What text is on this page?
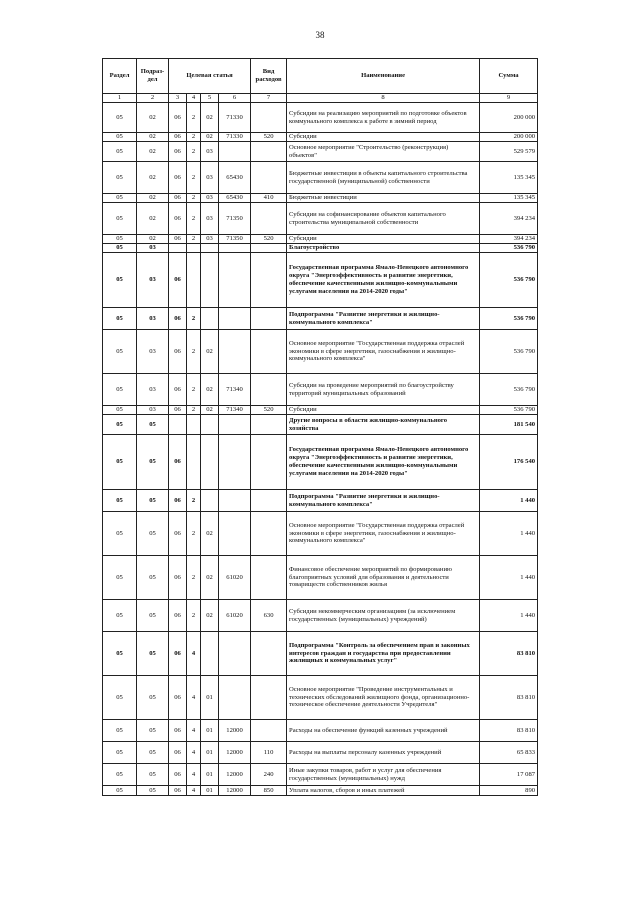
38
Раздел	Подраз-дел	Целевая статья				Вид расходов	Наименование	Сумма
1	2	3	4	5	6	7	8	9
05	02	06	2	02	71330		Субсидии на реализацию мероприятий по подготовке объектов коммунального комплекса к работе в зимний период	200 000
05	02	06	2	02	71330	520	Субсидии	200 000
05	02	06	2	03			Основное мероприятие "Строительство (реконструкция) объектов"	529 579
05	02	06	2	03	65430		Бюджетные инвестиции в объекты капитального строительства государственной (муниципальной) собственности	135 345
05	02	06	2	03	65430	410	Бюджетные инвестиции	135 345
05	02	06	2	03	71350		Субсидии на софинансирование объектов капитального строительства муниципальной собственности	394 234
05	02	06	2	03	71350	520	Субсидии	394 234
05	03						Благоустройство	536 790
05	03	06					Государственная программа Ямало-Ненецкого автономного округа "Энергоэффективность и развитие энергетики, обеспечение качественными жилищно-коммунальными услугами населения на 2014-2020 годы"	536 790
05	03	06	2				Подпрограмма "Развитие энергетики и жилищно-коммунального комплекса"	536 790
05	03	06	2	02			Основное мероприятие "Государственная поддержка отраслей экономики в сфере энергетики, газоснабжения и жилищно-коммунального комплекса"	536 790
05	03	06	2	02	71340		Субсидии на проведение мероприятий по благоустройству территорий муниципальных образований	536 790
05	03	06	2	02	71340	520	Субсидии	536 790
05	05						Другие вопросы в области жилищно-коммунального хозяйства	181 540
05	05	06					Государственная программа Ямало-Ненецкого автономного округа "Энергоэффективность и развитие энергетики, обеспечение качественными жилищно-коммунальными услугами населения на 2014-2020 годы"	176 540
05	05	06	2				Подпрограмма "Развитие энергетики и жилищно-коммунального комплекса"	1 440
05	05	06	2	02			Основное мероприятие "Государственная поддержка отраслей экономики в сфере энергетики, газоснабжения и жилищно-коммунального комплекса"	1 440
05	05	06	2	02	61020		Финансовое обеспечение мероприятий по формированию благоприятных условий для образования и деятельности товариществ собственников жилья	1 440
05	05	06	2	02	61020	630	Субсидии некоммерческим организациям (за исключением государственных (муниципальных) учреждений)	1 440
05	05	06	4				Подпрограмма "Контроль за обеспечением прав и законных интересов граждан и государства при предоставлении жилищных и коммунальных услуг"	83 810
05	05	06	4	01			Основное мероприятие "Проведение инструментальных и технических обследований жилищного фонда, организационно-техническое обеспечение деятельности Учредителя"	83 810
05	05	06	4	01	12000		Расходы на обеспечение функций казенных учреждений	83 810
05	05	06	4	01	12000	110	Расходы на выплаты персоналу казенных учреждений	65 833
05	05	06	4	01	12000	240	Иные закупки товаров, работ и услуг для обеспечения государственных (муниципальных) нужд	17 087
05	05	06	4	01	12000	850	Уплата налогов, сборов и иных платежей	890
